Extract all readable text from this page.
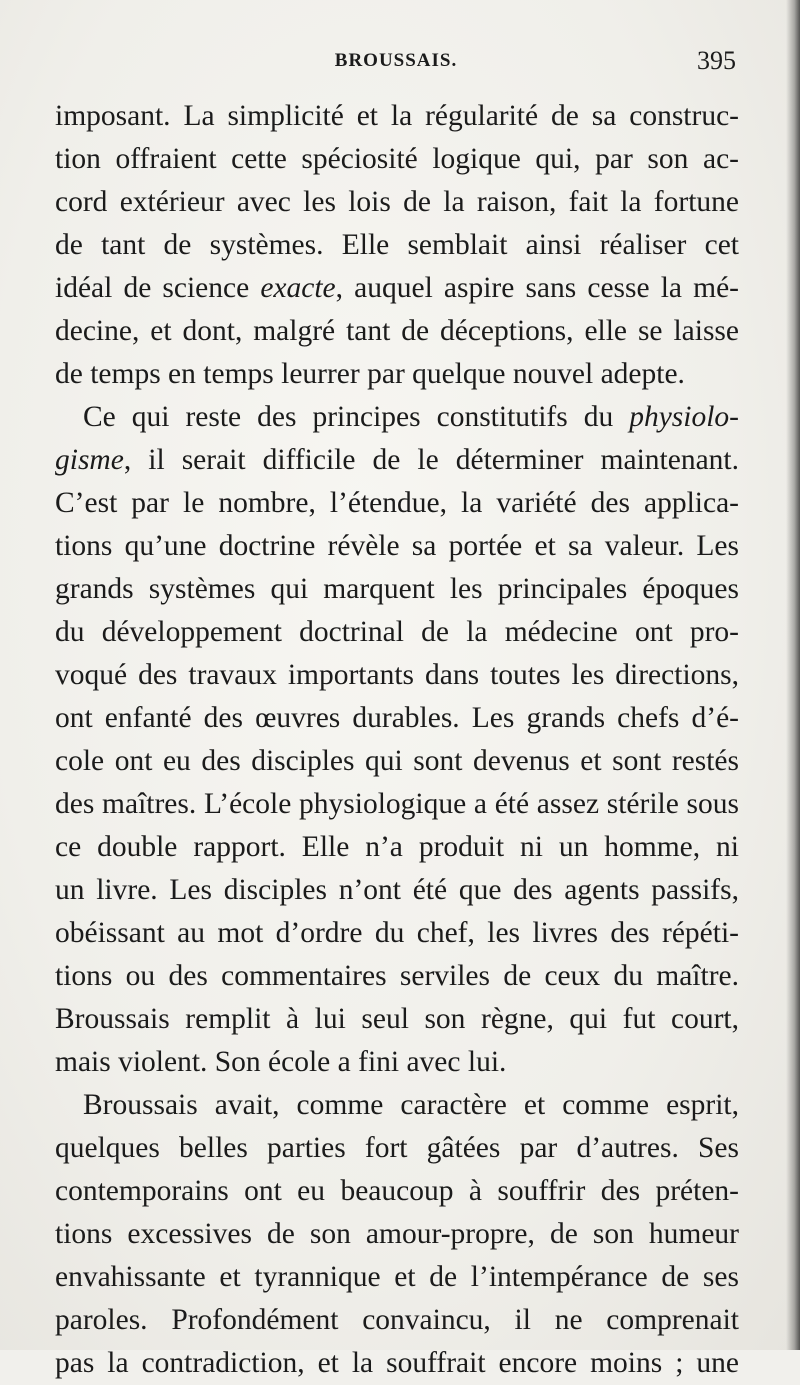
BROUSSAIS.	395
imposant. La simplicité et la régularité de sa construc-
tion offraient cette spéciosité logique qui, par son ac-
cord extérieur avec les lois de la raison, fait la fortune
de tant de systèmes. Elle semblait ainsi réaliser cet
idéal de science exacte, auquel aspire sans cesse la mé-
decine, et dont, malgré tant de déceptions, elle se laisse
de temps en temps leurrer par quelque nouvel adepte.
Ce qui reste des principes constitutifs du physiolo-
gisme, il serait difficile de le déterminer maintenant.
C’est par le nombre, l’étendue, la variété des applica-
tions qu’une doctrine révèle sa portée et sa valeur. Les
grands systèmes qui marquent les principales époques
du développement doctrinal de la médecine ont pro-
voqué des travaux importants dans toutes les directions,
ont enfanté des œuvres durables. Les grands chefs d’é-
cole ont eu des disciples qui sont devenus et sont restés
des maîtres. L’école physiologique a été assez stérile sous
ce double rapport. Elle n’a produit ni un homme, ni
un livre. Les disciples n’ont été que des agents passifs,
obéissant au mot d’ordre du chef, les livres des répéti-
tions ou des commentaires serviles de ceux du maître.
Broussais remplit à lui seul son règne, qui fut court,
mais violent. Son école a fini avec lui.
Broussais avait, comme caractère et comme esprit,
quelques belles parties fort gâtées par d’autres. Ses
contemporains ont eu beaucoup à souffrir des préten-
tions excessives de son amour-propre, de son humeur
envahissante et tyrannique et de l’intempérance de ses
paroles. Profondément convaincu, il ne comprenait
pas la contradiction, et la souffrait encore moins ; une
